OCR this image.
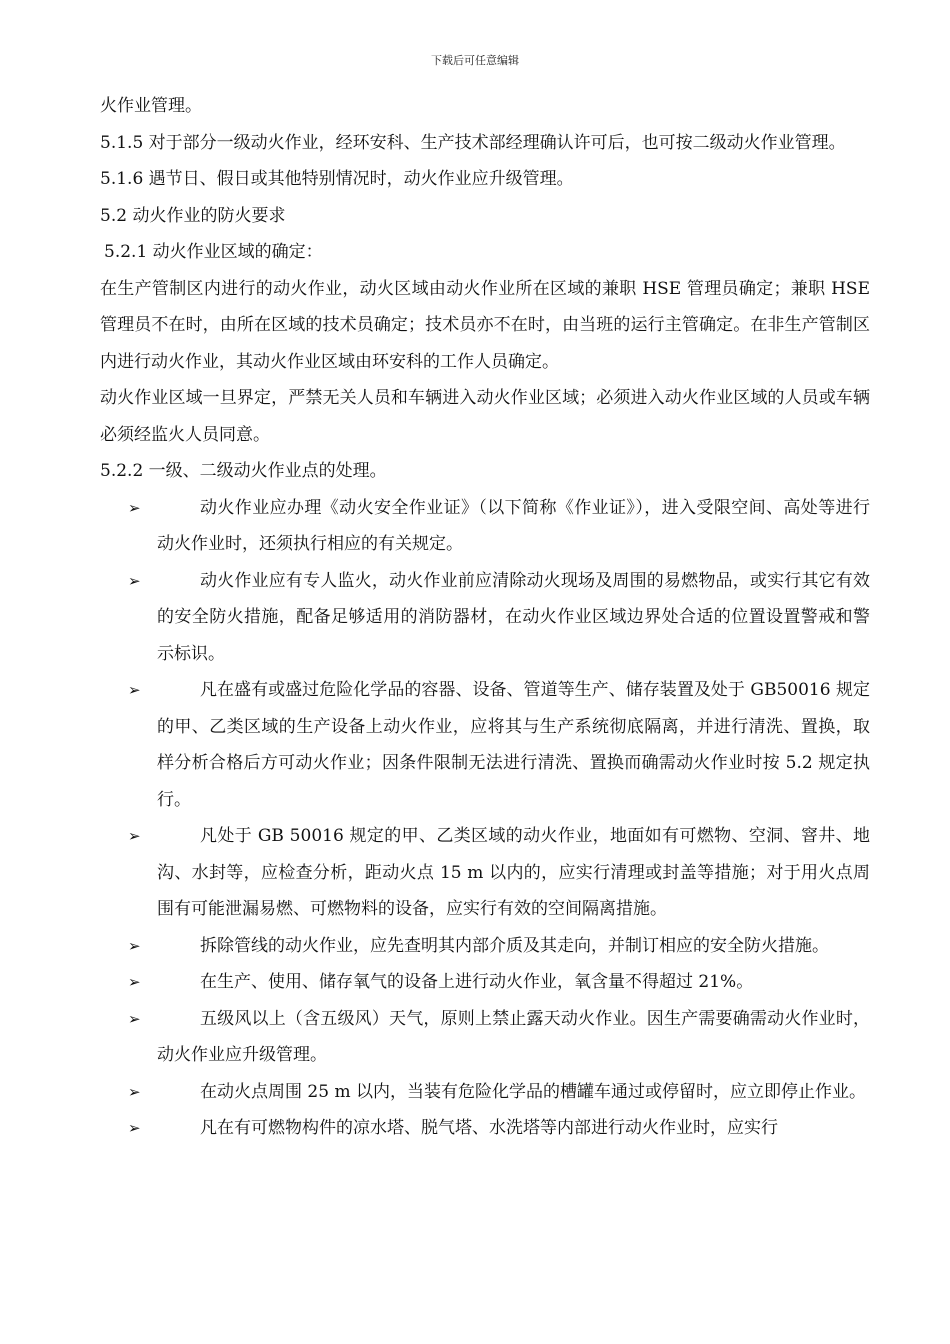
下载后可任意编辑

火作业管理。

5.1.5 对于部分一级动火作业，经环安科、生产技术部经理确认许可后，也可按二级动火作业管理。

5.1.6 遇节日、假日或其他特别情况时，动火作业应升级管理。

5.2 动火作业的防火要求

5.2.1 动火作业区域的确定：

在生产管制区内进行的动火作业，动火区域由动火作业所在区域的兼职 HSE 管理员确定；兼职 HSE 管理员不在时，由所在区域的技术员确定；技术员亦不在时，由当班的运行主管确定。在非生产管制区内进行动火作业，其动火作业区域由环安科的工作人员确定。

动火作业区域一旦界定，严禁无关人员和车辆进入动火作业区域；必须进入动火作业区域的人员或车辆必须经监火人员同意。

5.2.2 一级、二级动火作业点的处理。

➢	动火作业应办理《动火安全作业证》（以下简称《作业证》），进入受限空间、高处等进行动火作业时，还须执行相应的有关规定。
➢	动火作业应有专人监火，动火作业前应清除动火现场及周围的易燃物品，或实行其它有效的安全防火措施，配备足够适用的消防器材，在动火作业区域边界处合适的位置设置警戒和警示标识。
➢	凡在盛有或盛过危险化学品的容器、设备、管道等生产、储存装置及处于 GB50016 规定的甲、乙类区域的生产设备上动火作业，应将其与生产系统彻底隔离，并进行清洗、置换，取样分析合格后方可动火作业；因条件限制无法进行清洗、置换而确需动火作业时按 5.2 规定执行。
➢	凡处于 GB 50016 规定的甲、乙类区域的动火作业，地面如有可燃物、空洞、窨井、地沟、水封等，应检查分析，距动火点 15 m 以内的，应实行清理或封盖等措施；对于用火点周围有可能泄漏易燃、可燃物料的设备，应实行有效的空间隔离措施。
➢	拆除管线的动火作业，应先查明其内部介质及其走向，并制订相应的安全防火措施。
➢	在生产、使用、储存氧气的设备上进行动火作业，氧含量不得超过 21%。
➢	五级风以上（含五级风）天气，原则上禁止露天动火作业。因生产需要确需动火作业时，动火作业应升级管理。
➢	在动火点周围 25 m 以内，当装有危险化学品的槽罐车通过或停留时，应立即停止作业。
➢	凡在有可燃物构件的凉水塔、脱气塔、水洗塔等内部进行动火作业时，应实行
